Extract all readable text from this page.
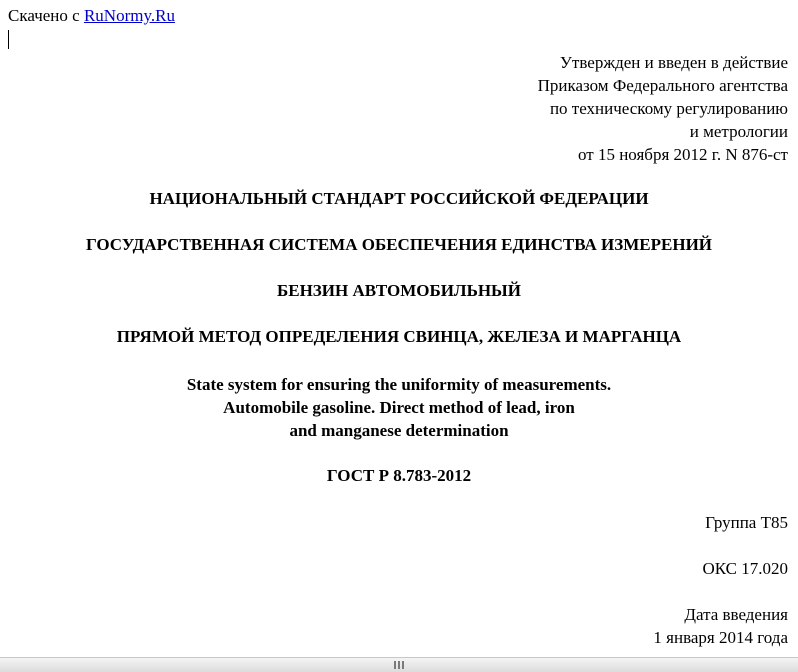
Скачено с RuNormy.Ru
Утвержден и введен в действие
Приказом Федерального агентства
по техническому регулированию
и метрологии
от 15 ноября 2012 г. N 876-ст
НАЦИОНАЛЬНЫЙ СТАНДАРТ РОССИЙСКОЙ ФЕДЕРАЦИИ
ГОСУДАРСТВЕННАЯ СИСТЕМА ОБЕСПЕЧЕНИЯ ЕДИНСТВА ИЗМЕРЕНИЙ
БЕНЗИН АВТОМОБИЛЬНЫЙ
ПРЯМОЙ МЕТОД ОПРЕДЕЛЕНИЯ СВИНЦА, ЖЕЛЕЗА И МАРГАНЦА
State system for ensuring the uniformity of measurements.
Automobile gasoline. Direct method of lead, iron
and manganese determination
ГОСТ Р 8.783-2012
Группа Т85
ОКС 17.020
Дата введения
1 января 2014 года
